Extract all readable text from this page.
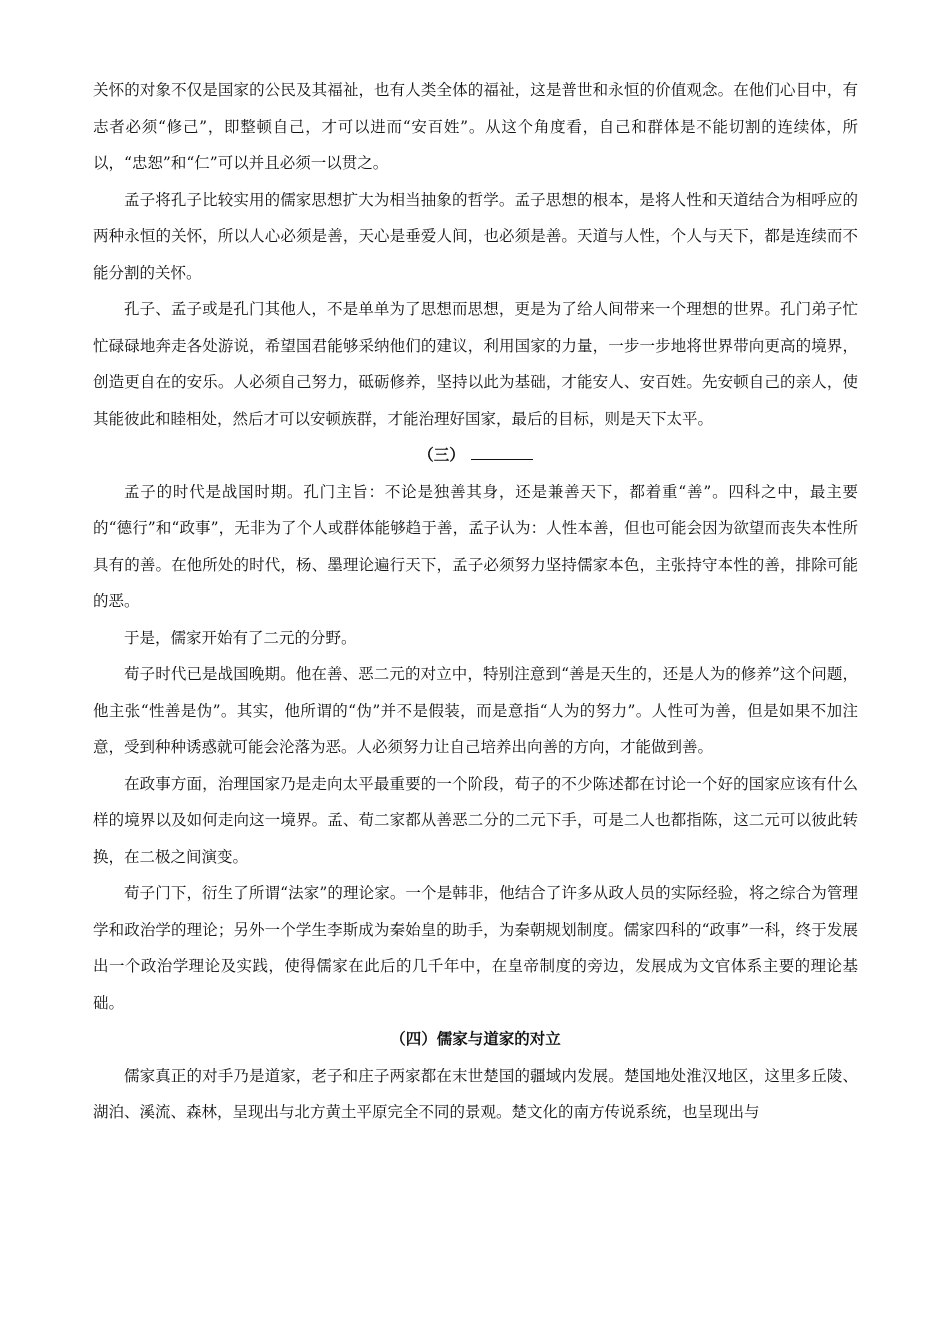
关怀的对象不仅是国家的公民及其福祉，也有人类全体的福祉，这是普世和永恒的价值观念。在他们心目中，有志者必须“修己”，即整顿自己，才可以进而“安百姓”。从这个角度看，自己和群体是不能切割的连续体，所以，“忠恕”和“仁”可以并且必须一以贯之。

孟子将孔子比较实用的儒家思想扩大为相当抽象的哲学。孟子思想的根本，是将人性和天道结合为相呼应的两种永恒的关怀，所以人心必须是善，天心是垂爱人间，也必须是善。天道与人性，个人与天下，都是连续而不能分割的关怀。

孔子、孟子或是孔门其他人，不是单单为了思想而思想，更是为了给人间带来一个理想的世界。孔门弟子忙忙碌碌地奔走各处游说，希望国君能够采纳他们的建议，利用国家的力量，一步一步地将世界带向更高的境界，创造更自在的安乐。人必须自己努力，砥砺修养，坚持以此为基础，才能安人、安百姓。先安顿自己的亲人，使其能彼此和睦相处，然后才可以安顿族群，才能治理好国家，最后的目标，则是天下太平。

（三）

孟子的时代是战国时期。孔门主旨：不论是独善其身，还是兼善天下，都着重“善”。四科之中，最主要的“德行”和“政事”，无非为了个人或群体能够趋于善，孟子认为：人性本善，但也可能会因为欲望而丧失本性所具有的善。在他所处的时代，杨、墨理论遍行天下，孟子必须努力坚持儒家本色，主张持守本性的善，排除可能的恶。

于是，儒家开始有了二元的分野。

荀子时代已是战国晚期。他在善、恶二元的对立中，特别注意到“善是天生的，还是人为的修养”这个问题，他主张“性善是伪”。其实，他所谓的“伪”并不是假装，而是意指“人为的努力”。人性可为善，但是如果不加注意，受到种种诱惑就可能会沦落为恶。人必须努力让自己培养出向善的方向，才能做到善。

在政事方面，治理国家乃是走向太平最重要的一个阶段，荀子的不少陈述都在讨论一个好的国家应该有什么样的境界以及如何走向这一境界。孟、荀二家都从善恶二分的二元下手，可是二人也都指陈，这二元可以彼此转换，在二极之间演变。

荀子门下，衍生了所谓“法家”的理论家。一个是韩非，他结合了许多从政人员的实际经验，将之综合为管理学和政治学的理论；另外一个学生李斯成为秦始皇的助手，为秦朝规划制度。儒家四科的“政事”一科，终于发展出一个政治学理论及实践，使得儒家在此后的几千年中，在皇帝制度的旁边，发展成为文官体系主要的理论基础。

（四）儒家与道家的对立

儒家真正的对手乃是道家，老子和庄子两家都在末世楚国的疆域内发展。楚国地处淮汉地区，这里多丘陵、湖泊、溪流、森林，呈现出与北方黄土平原完全不同的景观。楚文化的南方传说系统，也呈现出与
